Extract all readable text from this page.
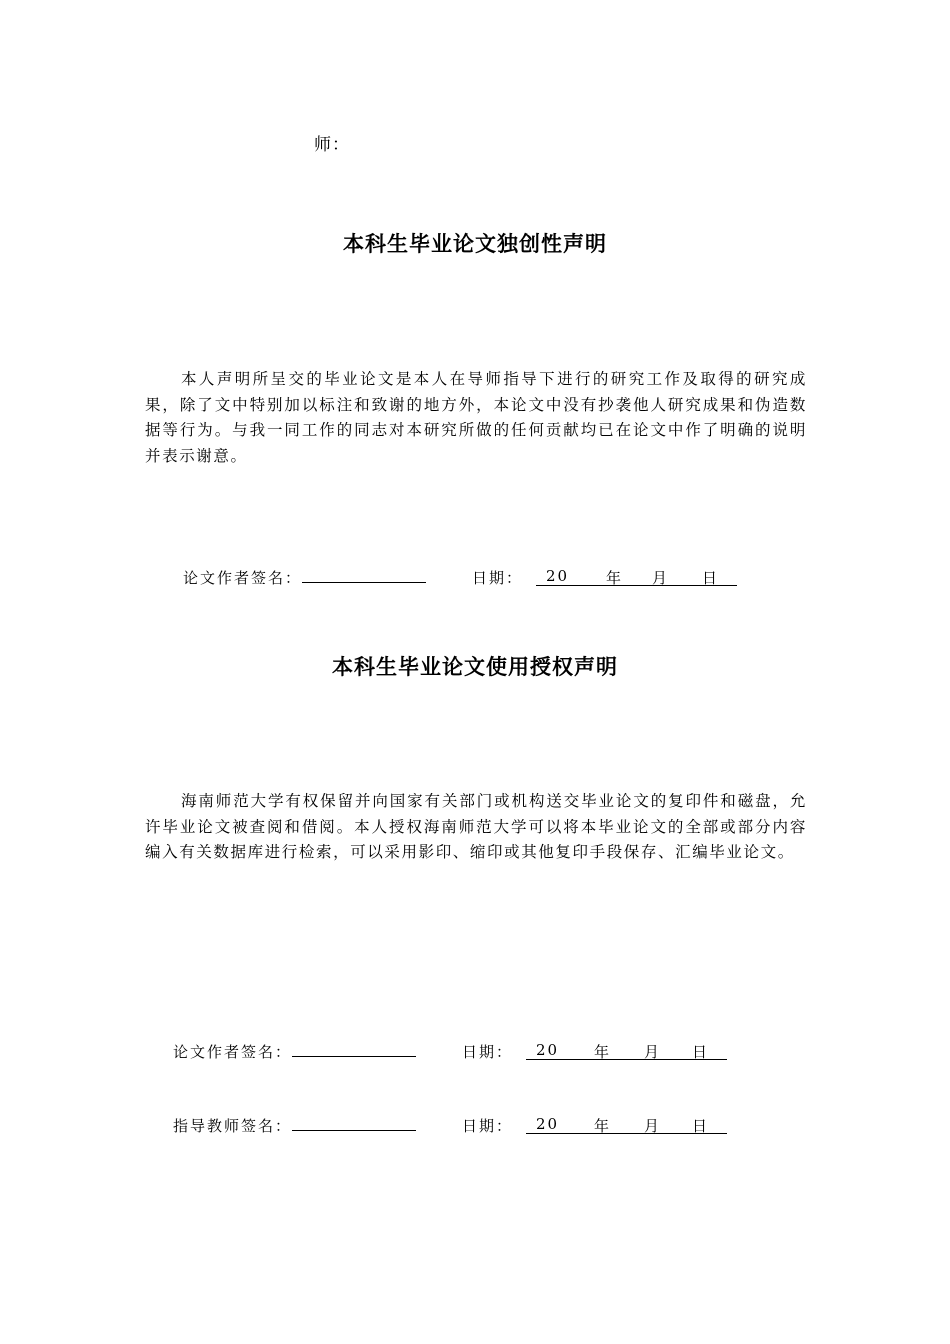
师：
本科生毕业论文独创性声明
本人声明所呈交的毕业论文是本人在导师指导下进行的研究工作及取得的研究成果，除了文中特别加以标注和致谢的地方外，本论文中没有抄袭他人研究成果和伪造数据等行为。与我一同工作的同志对本研究所做的任何贡献均已在论文中作了明确的说明并表示谢意。
论文作者签名：	日期： 20 年 月 日
本科生毕业论文使用授权声明
海南师范大学有权保留并向国家有关部门或机构送交毕业论文的复印件和磁盘，允许毕业论文被查阅和借阅。本人授权海南师范大学可以将本毕业论文的全部或部分内容编入有关数据库进行检索，可以采用影印、缩印或其他复印手段保存、汇编毕业论文。
论文作者签名：	日期： 20 年 月 日
指导教师签名：	日期： 20 年 月 日
